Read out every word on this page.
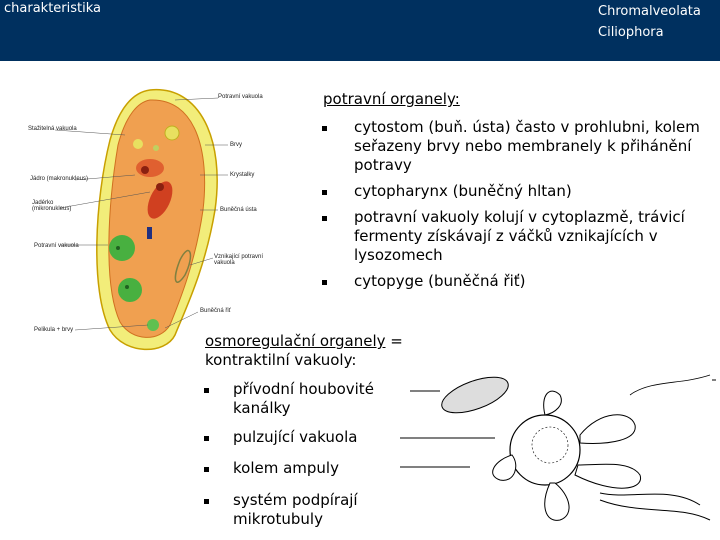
charakteristika	Chromalveolata
Ciliophora
Potravní vakuola
Stažitelná vakuola
Brvy
Jádro (makronukleus)
Krystalky
Jadérko (mikronukleus)	Buněčná ústa
Potravní vakuola
Vznikající potravní vakuola
Buněčná řiť
Pelikula + brvy
potravní organely:
cytostom (buň. ústa) často v prohlubni, kolem seřazeny brvy nebo membranely k přihánění potravy
cytopharynx (buněčný hltan)
potravní vakuoly kolují v cytoplazmě, trávicí fermenty získávají z váčků vznikajících v lysozomech
cytopyge (buněčná řiť)
osmoregulační organely = kontraktilní vakuoly:
přívodní houbovité kanálky
pulzující vakuola
kolem ampuly
systém podpírají mikrotubuly
